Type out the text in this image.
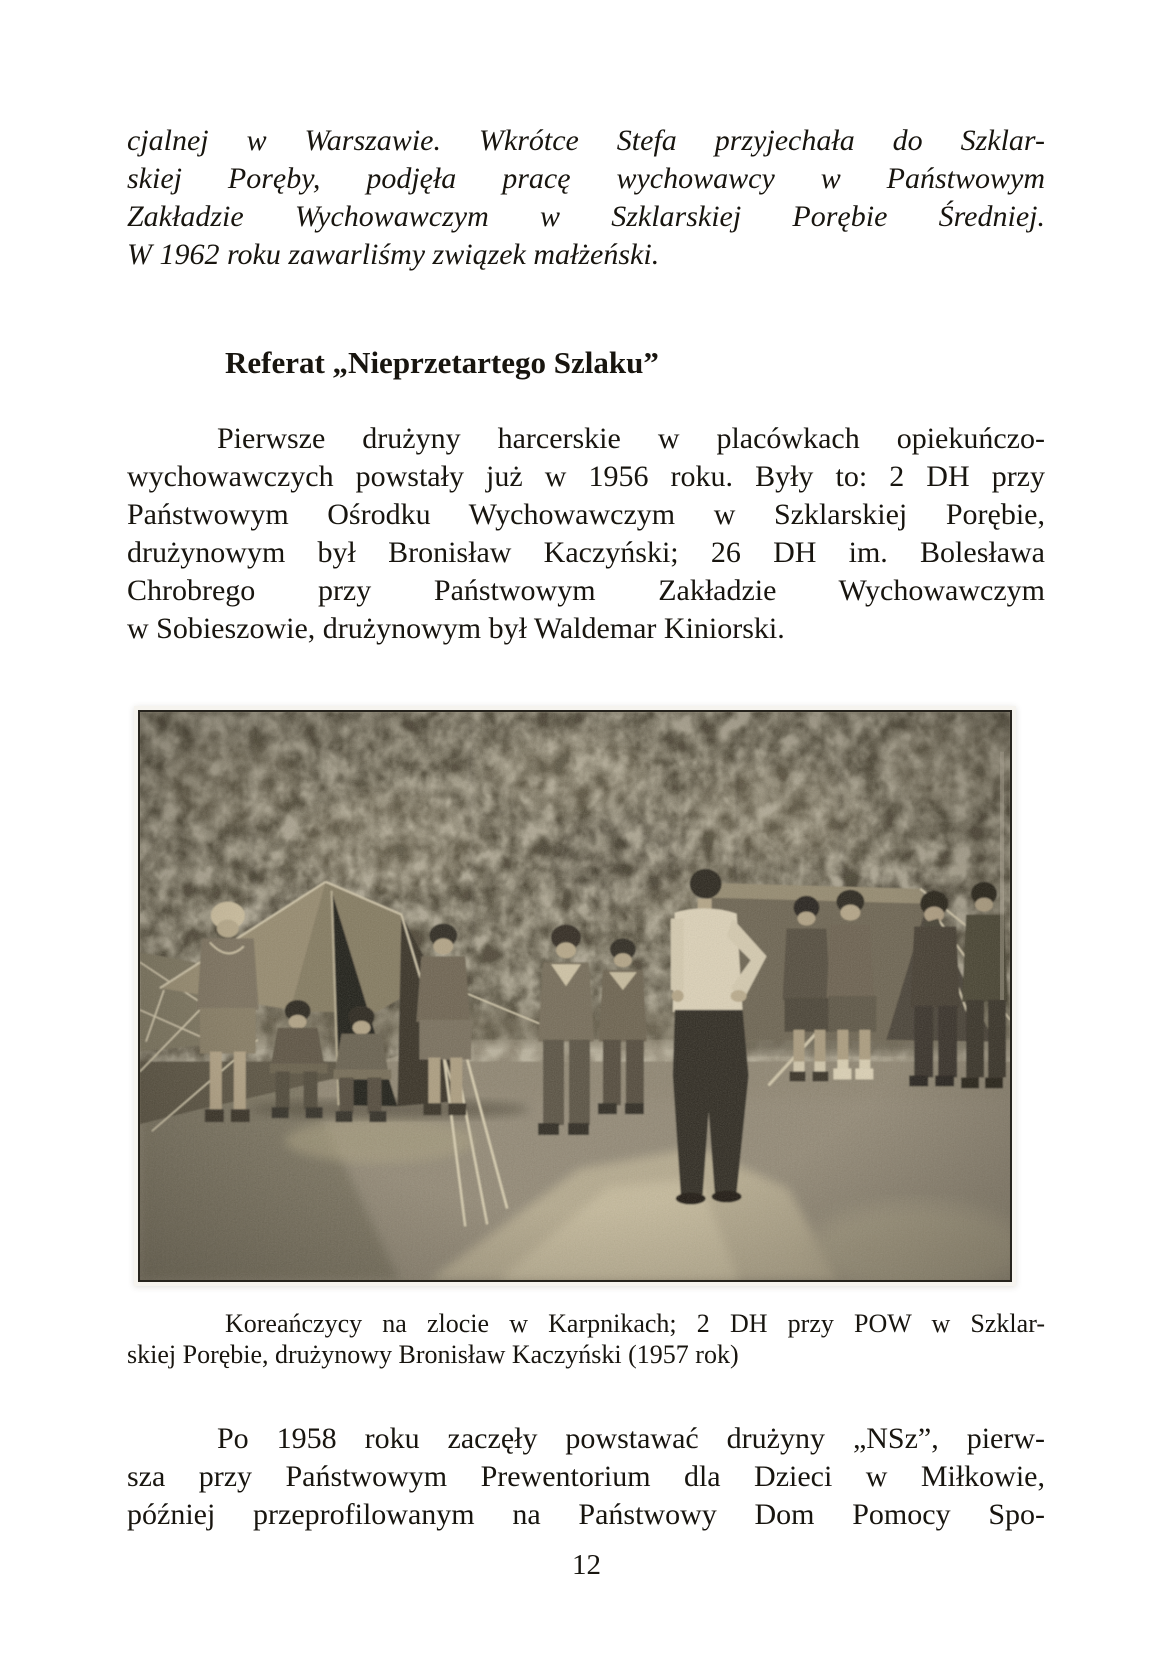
cjalnej w Warszawie. Wkrótce Stefa przyjechała do Szklar-
skiej Poręby, podjęła pracę wychowawcy w Państwowym
Zakładzie Wychowawczym w Szklarskiej Porębie Średniej.
W 1962 roku zawarliśmy związek małżeński.
Referat „Nieprzetartego Szlaku”
Pierwsze drużyny harcerskie w placówkach opiekuńczo-
wychowawczych powstały już w 1956 roku. Były to: 2 DH przy
Państwowym Ośrodku Wychowawczym w Szklarskiej Porębie,
drużynowym był Bronisław Kaczyński; 26 DH im. Bolesława
Chrobrego przy Państwowym Zakładzie Wychowawczym
w Sobieszowie, drużynowym był Waldemar Kiniorski.
Koreańczycy na zlocie w Karpnikach; 2 DH przy POW w Szklar-
skiej Porębie, drużynowy Bronisław Kaczyński (1957 rok)
Po 1958 roku zaczęły powstawać drużyny „NSz”, pierw-
sza przy Państwowym Prewentorium dla Dzieci w Miłkowie,
później przeprofilowanym na Państwowy Dom Pomocy Spo-
12
